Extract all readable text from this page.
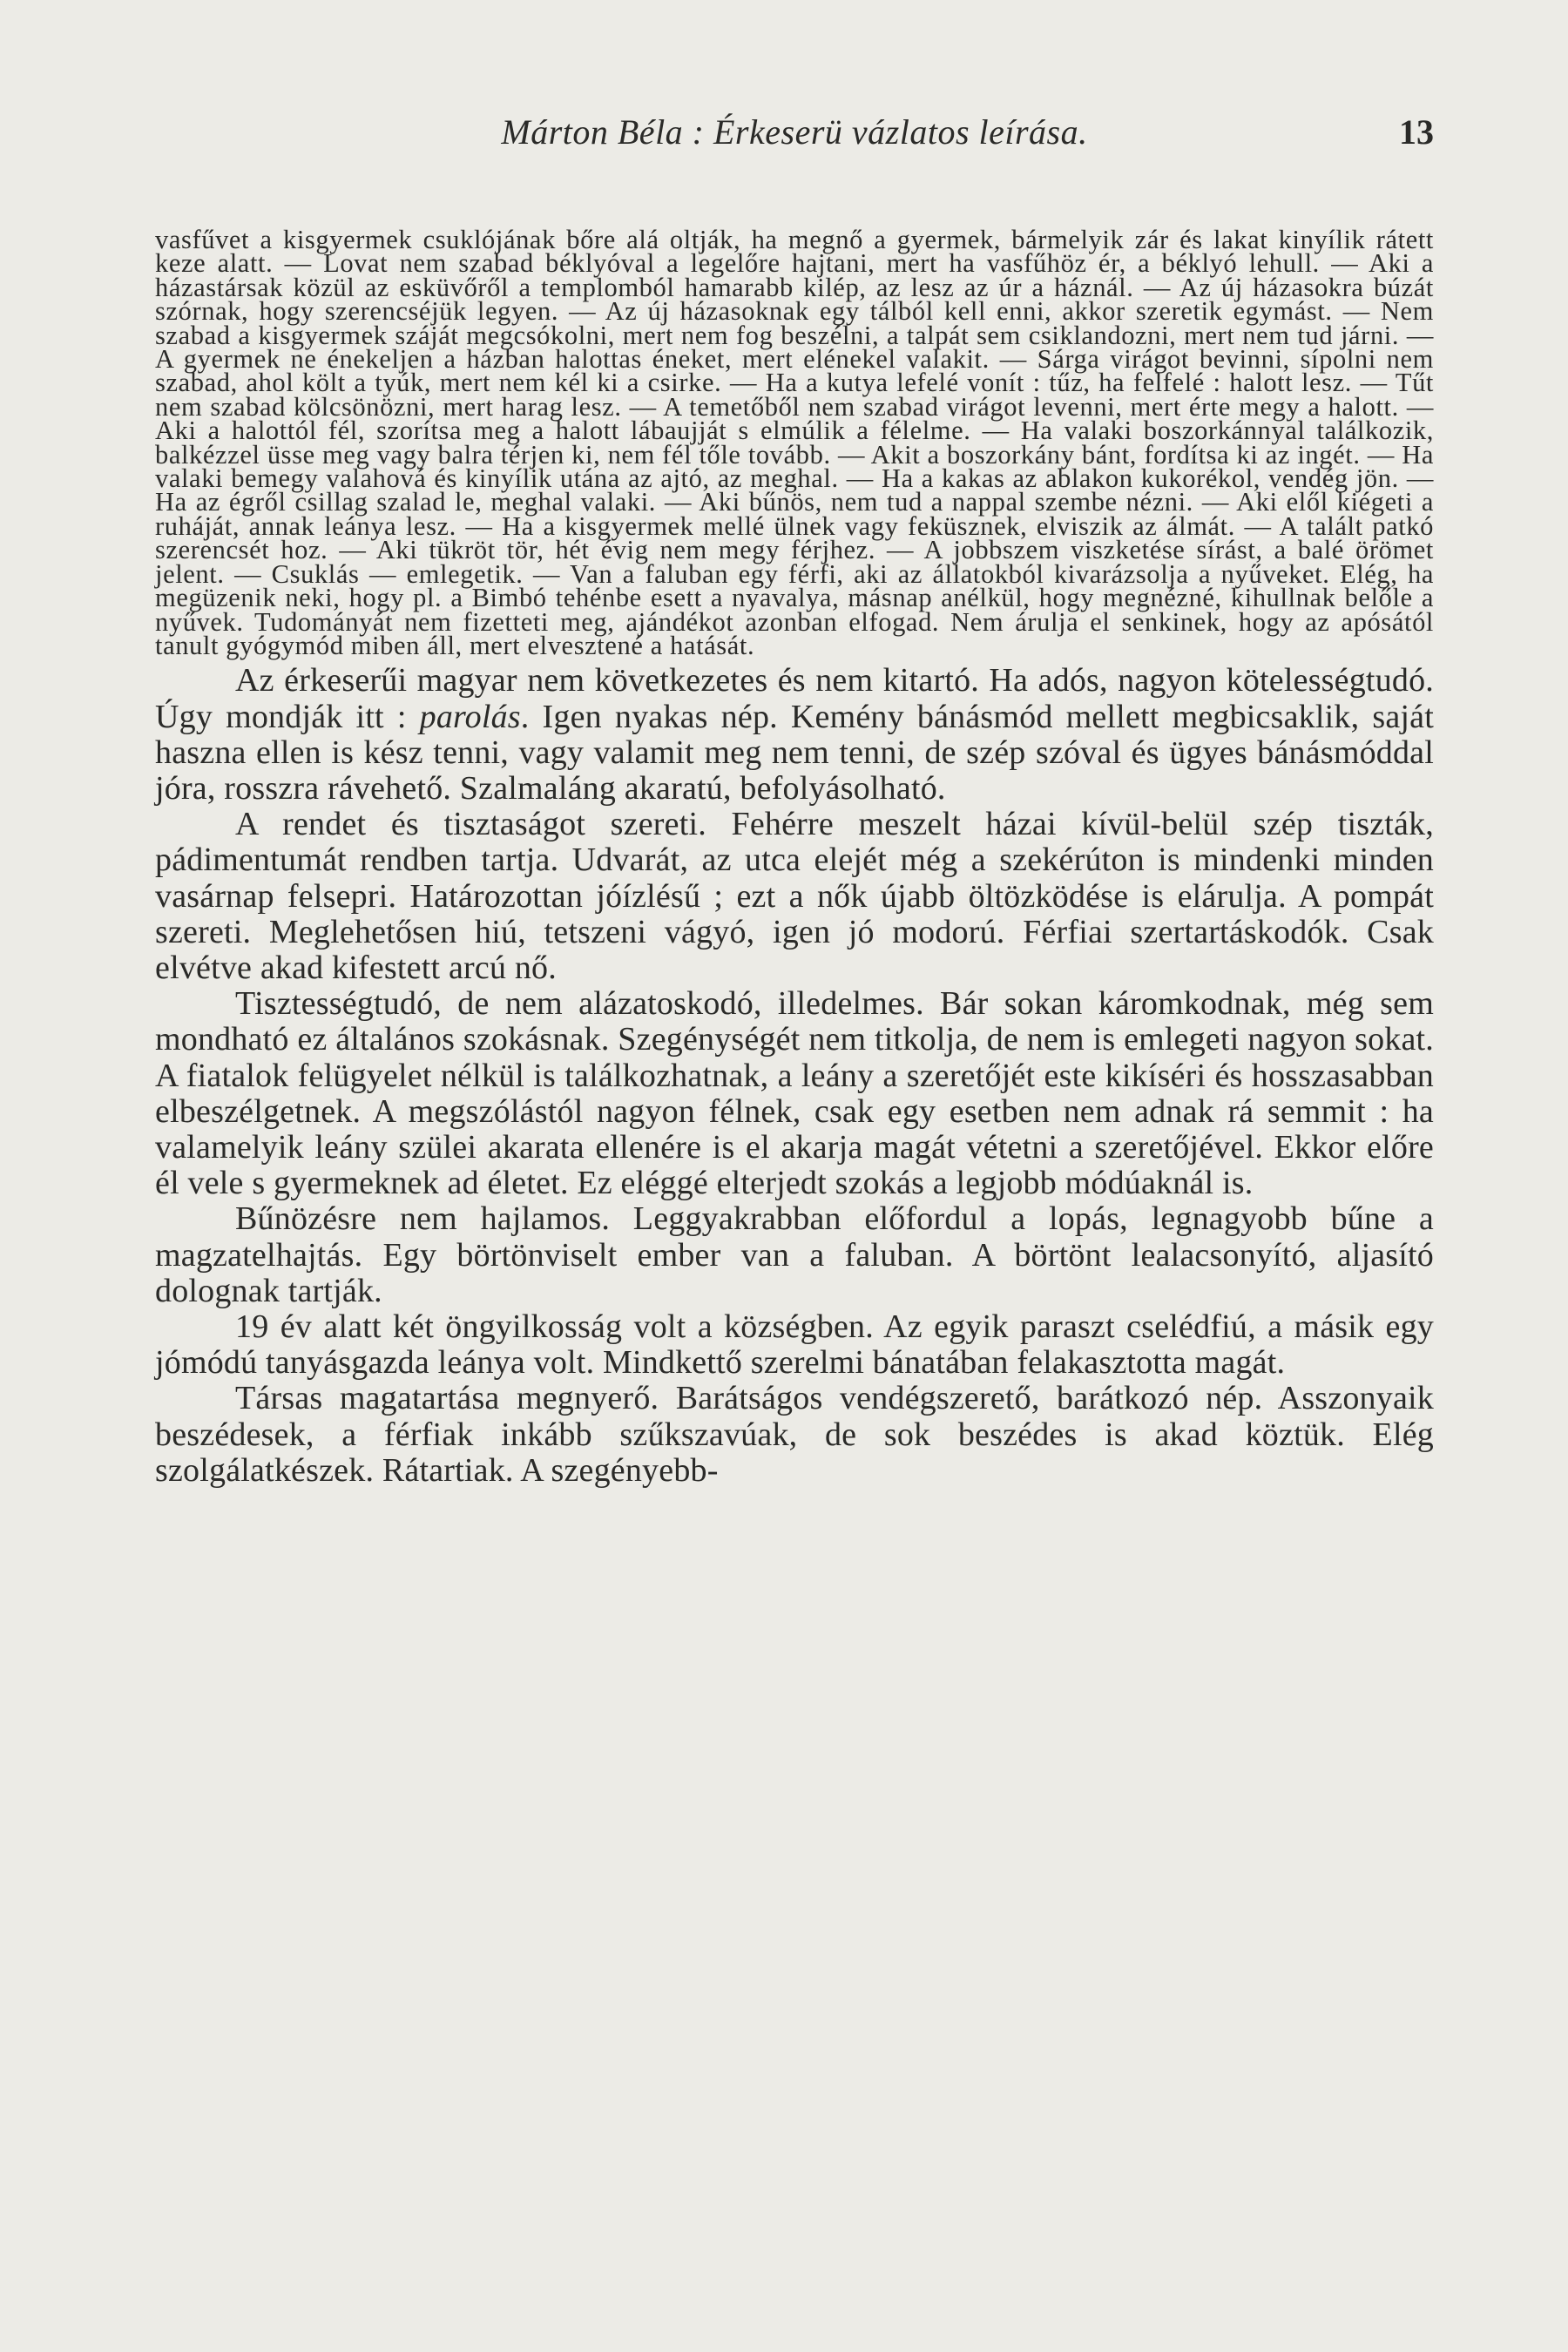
Márton Béla : Érkeserü vázlatos leírása.	13

vasfűvet a kisgyermek csuklójának bőre alá oltják, ha megnő a gyermek, bármelyik zár és lakat kinyílik rátett keze alatt. — Lovat nem szabad béklyóval a legelőre hajtani, mert ha vasfűhöz ér, a béklyó lehull. — Aki a házastársak közül az esküvőről a templomból hamarabb kilép, az lesz az úr a háznál. — Az új házasokra búzát szórnak, hogy szerencséjük legyen. — Az új házasoknak egy tálból kell enni, akkor szeretik egymást. — Nem szabad a kisgyermek száját megcsókolni, mert nem fog beszélni, a talpát sem csiklandozni, mert nem tud járni. — A gyermek ne énekeljen a házban halottas éneket, mert elénekel valakit. — Sárga virágot bevinni, sípolni nem szabad, ahol költ a tyúk, mert nem kél ki a csirke. — Ha a kutya lefelé vonít : tűz, ha felfelé : halott lesz. — Tűt nem szabad kölcsönözni, mert harag lesz. — A temetőből nem szabad virágot levenni, mert érte megy a halott. — Aki a halottól fél, szorítsa meg a halott lábaujját s elmúlik a félelme. — Ha valaki boszorkánnyal találkozik, balkézzel üsse meg vagy balra térjen ki, nem fél tőle tovább. — Akit a boszorkány bánt, fordítsa ki az ingét. — Ha valaki bemegy valahová és kinyílik utána az ajtó, az meghal. — Ha a kakas az ablakon kukorékol, vendég jön. — Ha az égről csillag szalad le, meghal valaki. — Aki bűnös, nem tud a nappal szembe nézni. — Aki elől kiégeti a ruháját, annak leánya lesz. — Ha a kisgyermek mellé ülnek vagy feküsznek, elviszik az álmát. — A talált patkó szerencsét hoz. — Aki tükröt tör, hét évig nem megy férjhez. — A jobbszem viszketése sírást, a balé örömet jelent. — Csuklás — emlegetik. — Van a faluban egy férfi, aki az állatokból kivarázsolja a nyűveket. Elég, ha megüzenik neki, hogy pl. a Bimbó tehénbe esett a nyavalya, másnap anélkül, hogy megnézné, kihullnak belőle a nyűvek. Tudományát nem fizetteti meg, ajándékot azonban elfogad. Nem árulja el senkinek, hogy az apósától tanult gyógymód miben áll, mert elvesztené a hatását.

Az érkeserűi magyar nem következetes és nem kitartó. Ha adós, nagyon kötelességtudó. Úgy mondják itt : parolás. Igen nyakas nép. Kemény bánásmód mellett megbicsaklik, saját haszna ellen is kész tenni, vagy valamit meg nem tenni, de szép szóval és ügyes bánásmóddal jóra, rosszra rávehető. Szalmaláng akaratú, befolyásolható.

A rendet és tisztaságot szereti. Fehérre meszelt házai kívül-belül szép tiszták, pádimentumát rendben tartja. Udvarát, az utca elejét még a szekérúton is mindenki minden vasárnap felsepri. Határozottan jóízlésű ; ezt a nők újabb öltözködése is elárulja. A pompát szereti. Meglehetősen hiú, tetszeni vágyó, igen jó modorú. Férfiai szertartáskodók. Csak elvétve akad kifestett arcú nő.

Tisztességtudó, de nem alázatoskodó, illedelmes. Bár sokan káromkodnak, még sem mondható ez általános szokásnak. Szegénységét nem titkolja, de nem is emlegeti nagyon sokat. A fiatalok felügyelet nélkül is találkozhatnak, a leány a szeretőjét este kikíséri és hosszasabban elbeszélgetnek. A megszólástól nagyon félnek, csak egy esetben nem adnak rá semmit : ha valamelyik leány szülei akarata ellenére is el akarja magát vétetni a szeretőjével. Ekkor előre él vele s gyermeknek ad életet. Ez eléggé elterjedt szokás a legjobb módúaknál is.

Bűnözésre nem hajlamos. Leggyakrabban előfordul a lopás, legnagyobb bűne a magzatelhajtás. Egy börtönviselt ember van a faluban. A börtönt lealacsonyító, aljasító dolognak tartják.

19 év alatt két öngyilkosság volt a községben. Az egyik paraszt cselédfiú, a másik egy jómódú tanyásgazda leánya volt. Mindkettő szerelmi bánatában felakasztotta magát.

Társas magatartása megnyerő. Barátságos vendégszerető, barátkozó nép. Asszonyaik beszédesek, a férfiak inkább szűkszavúak, de sok beszédes is akad köztük. Elég szolgálatkészek. Rátartiak. A szegényebb-
